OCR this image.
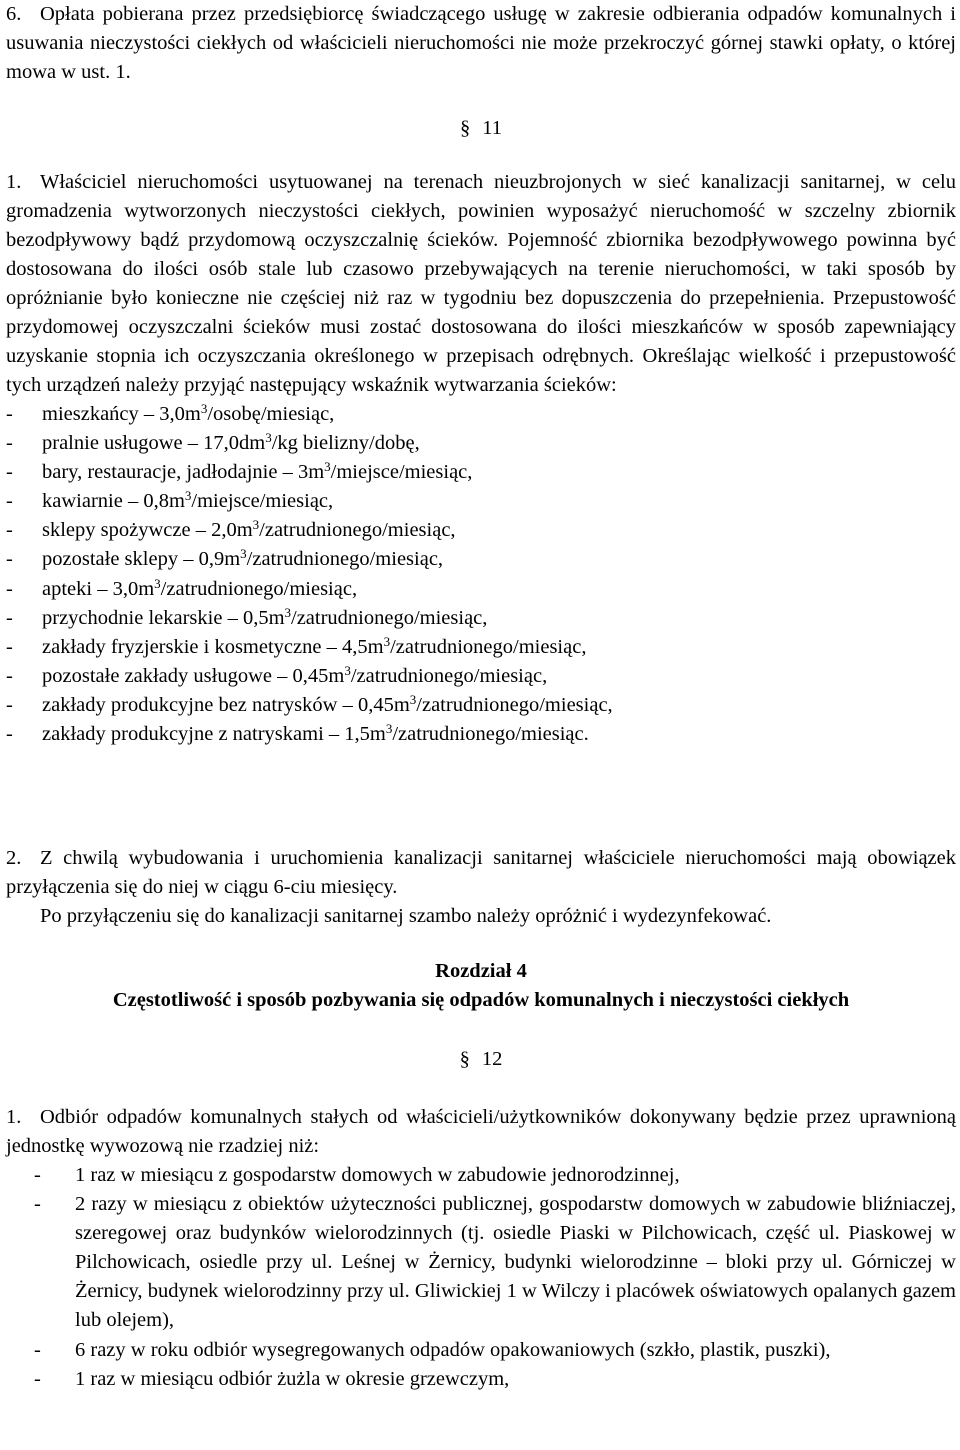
6. Opłata pobierana przez przedsiębiorcę świadczącego usługę w zakresie odbierania odpadów komunalnych i usuwania nieczystości ciekłych od właścicieli nieruchomości nie może przekroczyć górnej stawki opłaty, o której mowa w ust. 1.

§ 11

1. Właściciel nieruchomości usytuowanej na terenach nieuzbrojonych w sieć kanalizacji sanitarnej, w celu gromadzenia wytworzonych nieczystości ciekłych, powinien wyposażyć nieruchomość w szczelny zbiornik bezodpływowy bądź przydomową oczyszczalnię ścieków. Pojemność zbiornika bezodpływowego powinna być dostosowana do ilości osób stale lub czasowo przebywających na terenie nieruchomości, w taki sposób by opróżnianie było konieczne nie częściej niż raz w tygodniu bez dopuszczenia do przepełnienia. Przepustowość przydomowej oczyszczalni ścieków musi zostać dostosowana do ilości mieszkańców w sposób zapewniający uzyskanie stopnia ich oczyszczania określonego w przepisach odrębnych. Określając wielkość i przepustowość tych urządzeń należy przyjąć następujący wskaźnik wytwarzania ścieków:

- mieszkańcy – $3,0m^3/osobę$/miesiąc,
- pralnie usługowe – $17,0dm^3/kg$ bielizny/dobę,
- bary, restauracje, jadłodajnie – $3m^3/miejsce$/miesiąc,
- kawiarnie – $0,8m^3/miejsce$/miesiąc,
- sklepy spożywcze – $2,0m^3/zatrudnionego$/miesiąc,
- pozostałe sklepy – $0,9m^3/zatrudnionego$/miesiąc,
- apteki – $3,0m^3/zatrudnionego$/miesiąc,
- przychodnie lekarskie – $0,5m^3/zatrudnionego$/miesiąc,
- zakłady fryzjerskie i kosmetyczne – $4,5m^3/zatrudnionego$/miesiąc,
- pozostałe zakłady usługowe – $0,45m^3/zatrudnionego$/miesiąc,
- zakłady produkcyjne bez natrysków – $0,45m^3/zatrudnionego$/miesiąc,
- zakłady produkcyjne z natryskami – $1,5m^3/zatrudnionego$/miesiąc.

2. Z chwilą wybudowania i uruchomienia kanalizacji sanitarnej właściciele nieruchomości mają obowiązek przyłączenia się do niej w ciągu 6-ciu miesięcy.

Po przyłączeniu się do kanalizacji sanitarnej szambo należy opróżnić i wydezynfekować.

Rozdział 4

Częstotliwość i sposób pozbywania się odpadów komunalnych i nieczystości ciekłych

§ 12

1. Odbiór odpadów komunalnych stałych od właścicieli/użytkowników dokonywany będzie przez uprawnioną jednostkę wywozową nie rzadziej niż:

- 1 raz w miesiącu z gospodarstw domowych w zabudowie jednorodzinnej,
- 2 razy w miesiącu z obiektów użyteczności publicznej, gospodarstw domowych w zabudowie bliźniaczej, szeregowej oraz budynków wielorodzinnych (tj. osiedle Piaski w Pilchowicach, część ul. Piaskowej w Pilchowicach, osiedle przy ul. Leśnej w Żernicy, budynki wielorodzinne – bloki przy ul. Górniczej w Żernicy, budynek wielorodzinny przy ul. Gliwickiej 1 w Wilczy i placówek oświatowych opalanych gazem lub olejem),
- 6 razy w roku odbiór wysegregowanych odpadów opakowaniowych (szkło, plastik, puszki),
- 1 raz w miesiącu odbiór żużla w okresie grzewczym,
